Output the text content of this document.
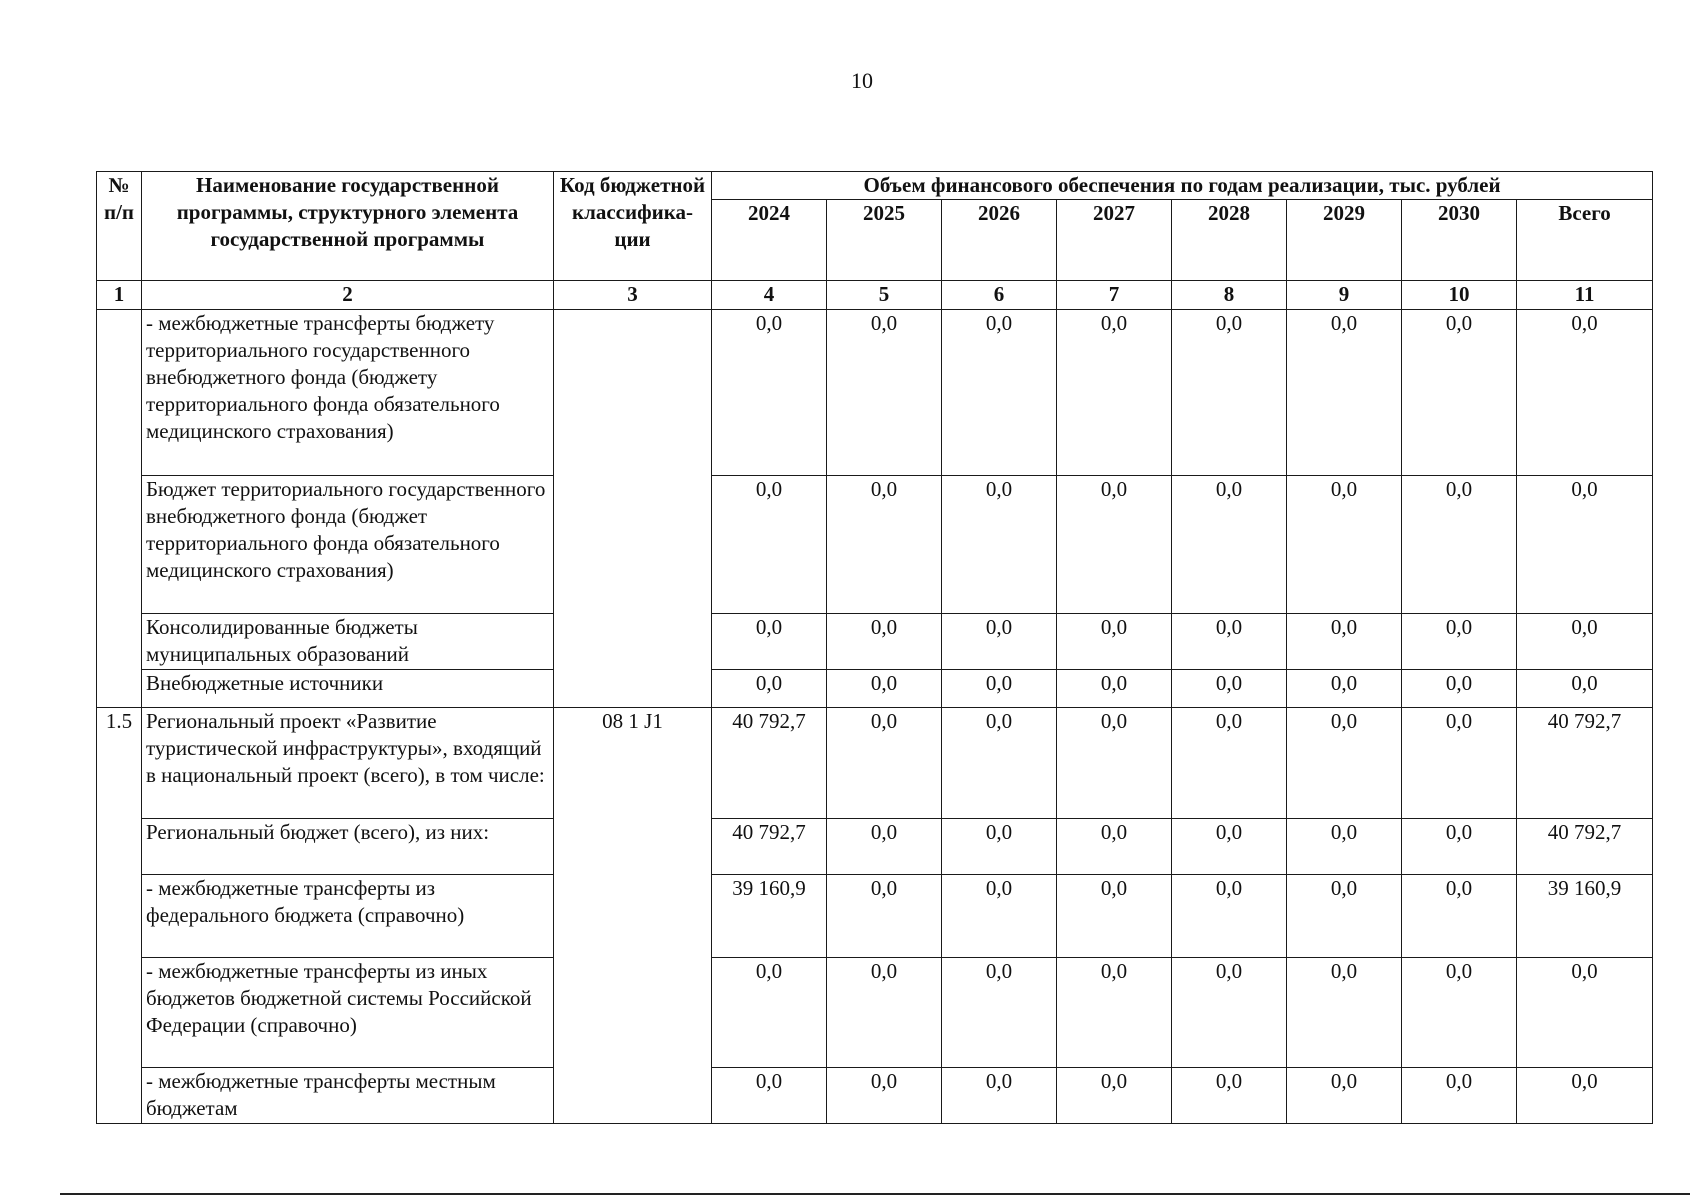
10
№ п/п	Наименование государственной программы, структурного элемента государственной программы	Код бюджетной классифика-ции	Объем финансового обеспечения по годам реализации, тыс. рублей							
			2024	2025	2026	2027	2028	2029	2030	Всего
1	2	3	4	5	6	7	8	9	10	11
	- межбюджетные трансферты бюджету территориального государственного внебюджетного фонда (бюджету территориального фонда обязательного медицинского страхования)		0,0	0,0	0,0	0,0	0,0	0,0	0,0	0,0
	Бюджет территориального государственного внебюджетного фонда (бюджет территориального фонда обязательного медицинского страхования)		0,0	0,0	0,0	0,0	0,0	0,0	0,0	0,0
	Консолидированные бюджеты муниципальных образований		0,0	0,0	0,0	0,0	0,0	0,0	0,0	0,0
	Внебюджетные источники		0,0	0,0	0,0	0,0	0,0	0,0	0,0	0,0
1.5	Региональный проект «Развитие туристической инфраструктуры», входящий в национальный проект (всего), в том числе:	08 1 J1	40 792,7	0,0	0,0	0,0	0,0	0,0	0,0	40 792,7
	Региональный бюджет (всего), из них:		40 792,7	0,0	0,0	0,0	0,0	0,0	0,0	40 792,7
	- межбюджетные трансферты из федерального бюджета (справочно)		39 160,9	0,0	0,0	0,0	0,0	0,0	0,0	39 160,9
	- межбюджетные трансферты из иных бюджетов бюджетной системы Российской Федерации (справочно)		0,0	0,0	0,0	0,0	0,0	0,0	0,0	0,0
	- межбюджетные трансферты местным бюджетам		0,0	0,0	0,0	0,0	0,0	0,0	0,0	0,0
